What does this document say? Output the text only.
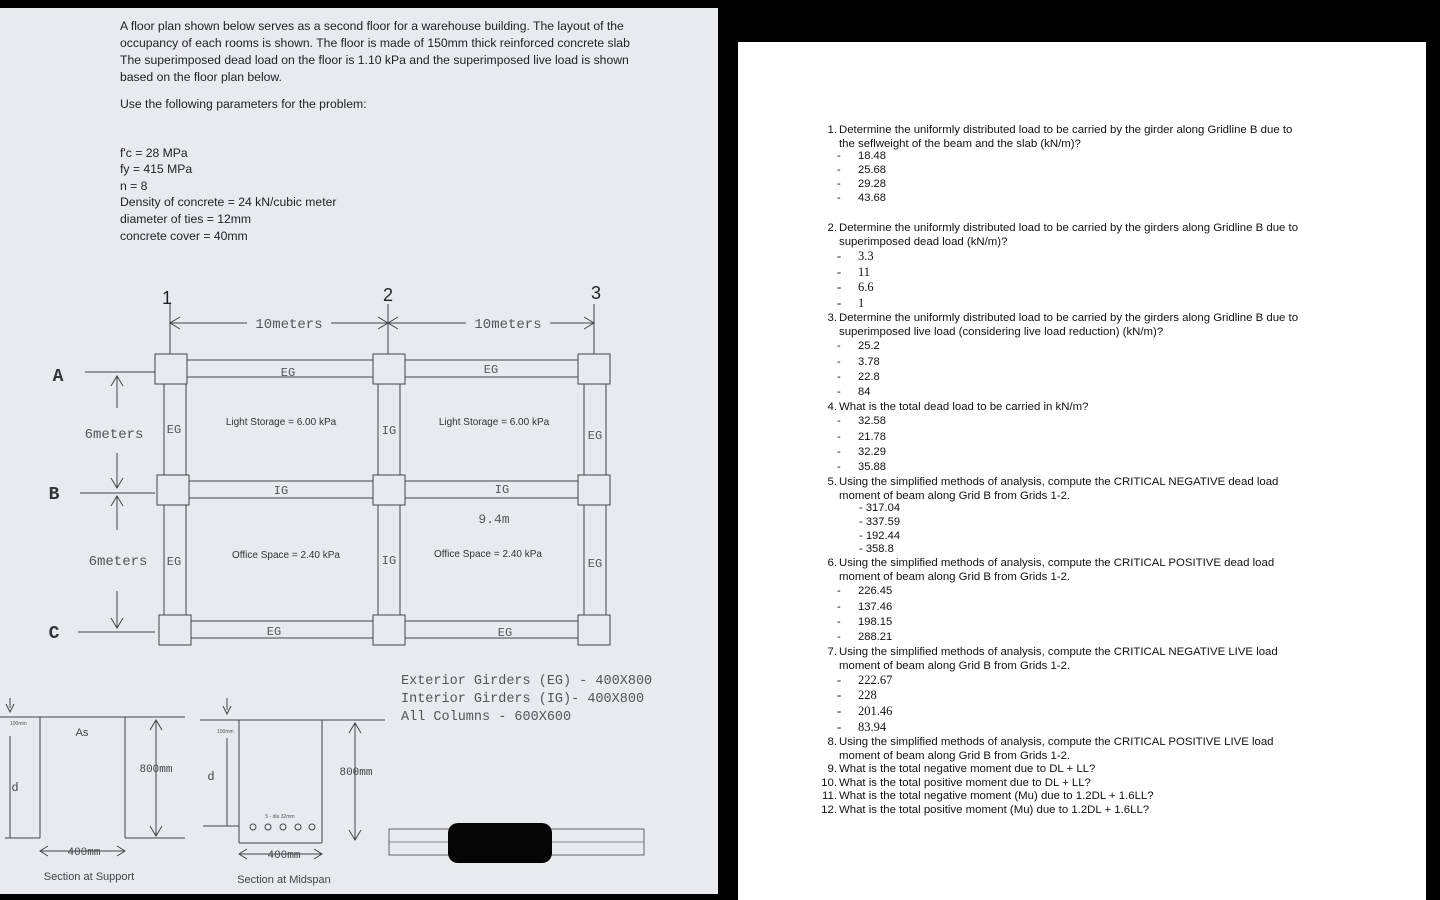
A floor plan shown below serves as a second floor for a warehouse building. The layout of the

occupancy of each rooms is shown. The floor is made of 150mm thick reinforced concrete slab

The superimposed dead load on the floor is 1.10 kPa and the superimposed live load is shown

based on the floor plan below.

Use the following parameters for the problem:
f'c = 28 MPa
fy = 415 MPa
n = 8
Density of concrete = 24 kN/cubic meter
diameter of ties = 12mm
concrete cover = 40mm
1	2	3
A
B
C
10meters	10meters
6meters
6meters
EG	EG
IG	IG
EG	EG
EG	IG	EG
EG	IG	EG
Light Storage = 6.00 kPa	Light Storage = 6.00 kPa
Office Space = 2.40 kPa	Office Space = 2.40 kPa
9.4m
Exterior Girders (EG) - 400X800
Interior Girders (IG)- 400X800
All Columns - 600X600
100mm
As
800mm
d
400mm
Section at Support
100mm
5 - dia 32mm
800mm
d
400mm
Section at Midspan
1. Determine the uniformly distributed load to be carried by the girder along Gridline B due to
the seflweight of the beam and the slab (kN/m)?
- 18.48
- 25.68
- 29.28
- 43.68
2. Determine the uniformly distributed load to be carried by the girders along Gridline B due to
superimposed dead load (kN/m)?
- 3.3
- 11
- 6.6
- 1
3. Determine the uniformly distributed load to be carried by the girders along Gridline B due to
superimposed live load (considering live load reduction) (kN/m)?
- 25.2
- 3.78
- 22.8
- 84
4. What is the total dead load to be carried in kN/m?
- 32.58
- 21.78
- 32.29
- 35.88
5. Using the simplified methods of analysis, compute the CRITICAL NEGATIVE dead load
moment of beam along Grid B from Grids 1-2.
- 317.04
- 337.59
- 192.44
- 358.8
6. Using the simplified methods of analysis, compute the CRITICAL POSITIVE dead load
moment of beam along Grid B from Grids 1-2.
- 226.45
- 137.46
- 198.15
- 288.21
7. Using the simplified methods of analysis, compute the CRITICAL NEGATIVE LIVE load
moment of beam along Grid B from Grids 1-2.
- 222.67
- 228
- 201.46
- 83.94
8. Using the simplified methods of analysis, compute the CRITICAL POSITIVE LIVE load
moment of beam along Grid B from Grids 1-2.
9. What is the total negative moment due to DL + LL?
10. What is the total positive moment due to DL + LL?
11. What is the total negative moment (Mu) due to 1.2DL + 1.6LL?
12. What is the total positive moment (Mu) due to 1.2DL + 1.6LL?
